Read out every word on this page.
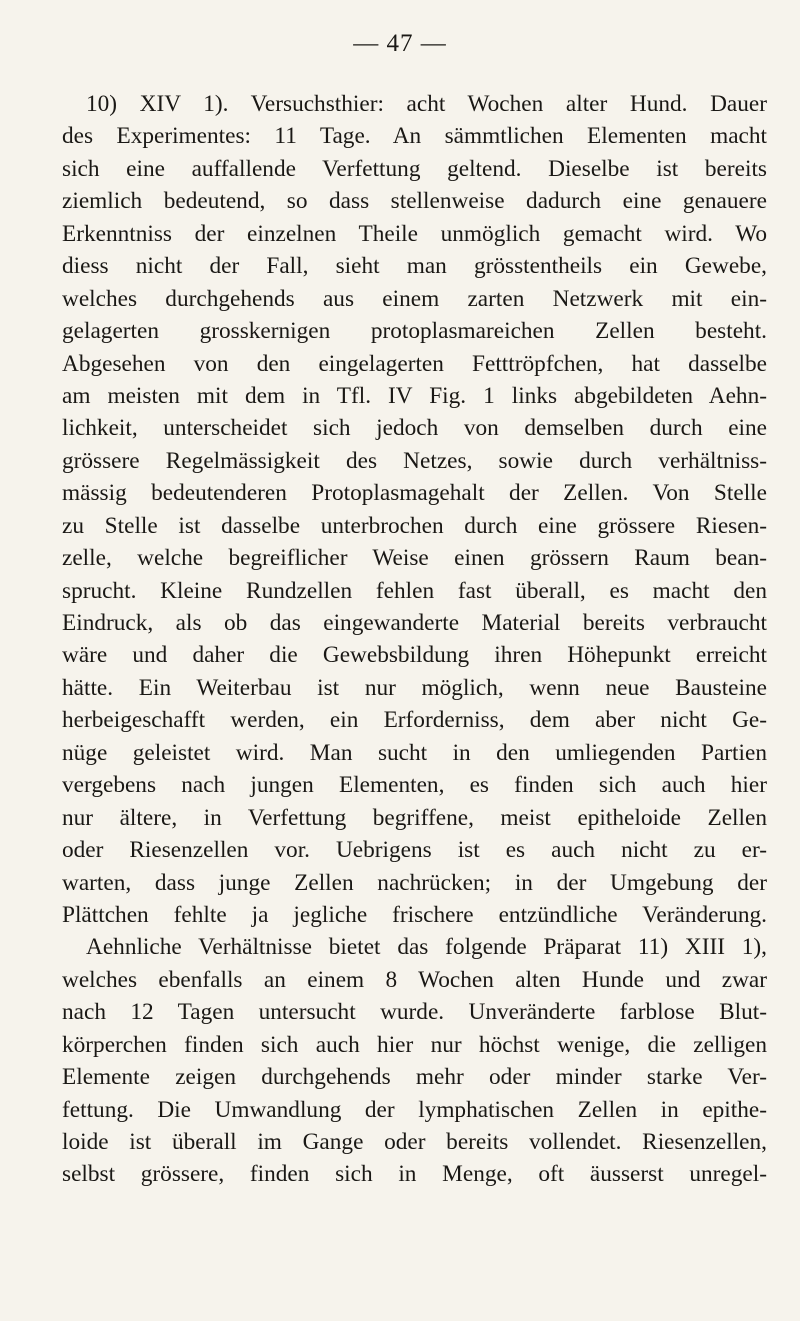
— 47 —
10) XIV 1). Versuchsthier: acht Wochen alter Hund. Dauer
des Experimentes: 11 Tage. An sämmtlichen Elementen macht
sich eine auffallende Verfettung geltend. Dieselbe ist bereits
ziemlich bedeutend, so dass stellenweise dadurch eine genauere
Erkenntniss der einzelnen Theile unmöglich gemacht wird. Wo
diess nicht der Fall, sieht man grösstentheils ein Gewebe,
welches durchgehends aus einem zarten Netzwerk mit ein-
gelagerten grosskernigen protoplasmareichen Zellen besteht.
Abgesehen von den eingelagerten Fetttröpfchen, hat dasselbe
am meisten mit dem in Tfl. IV Fig. 1 links abgebildeten Aehn-
lichkeit, unterscheidet sich jedoch von demselben durch eine
grössere Regelmässigkeit des Netzes, sowie durch verhältniss-
mässig bedeutenderen Protoplasmagehalt der Zellen. Von Stelle
zu Stelle ist dasselbe unterbrochen durch eine grössere Riesen-
zelle, welche begreiflicher Weise einen grössern Raum bean-
sprucht. Kleine Rundzellen fehlen fast überall, es macht den
Eindruck, als ob das eingewanderte Material bereits verbraucht
wäre und daher die Gewebsbildung ihren Höhepunkt erreicht
hätte. Ein Weiterbau ist nur möglich, wenn neue Bausteine
herbeigeschafft werden, ein Erforderniss, dem aber nicht Ge-
nüge geleistet wird. Man sucht in den umliegenden Partien
vergebens nach jungen Elementen, es finden sich auch hier
nur ältere, in Verfettung begriffene, meist epitheloide Zellen
oder Riesenzellen vor. Uebrigens ist es auch nicht zu er-
warten, dass junge Zellen nachrücken; in der Umgebung der
Plättchen fehlte ja jegliche frischere entzündliche Veränderung.
Aehnliche Verhältnisse bietet das folgende Präparat 11) XIII 1),
welches ebenfalls an einem 8 Wochen alten Hunde und zwar
nach 12 Tagen untersucht wurde. Unveränderte farblose Blut-
körperchen finden sich auch hier nur höchst wenige, die zelligen
Elemente zeigen durchgehends mehr oder minder starke Ver-
fettung. Die Umwandlung der lymphatischen Zellen in epithe-
loide ist überall im Gange oder bereits vollendet. Riesenzellen,
selbst grössere, finden sich in Menge, oft äusserst unregel-
